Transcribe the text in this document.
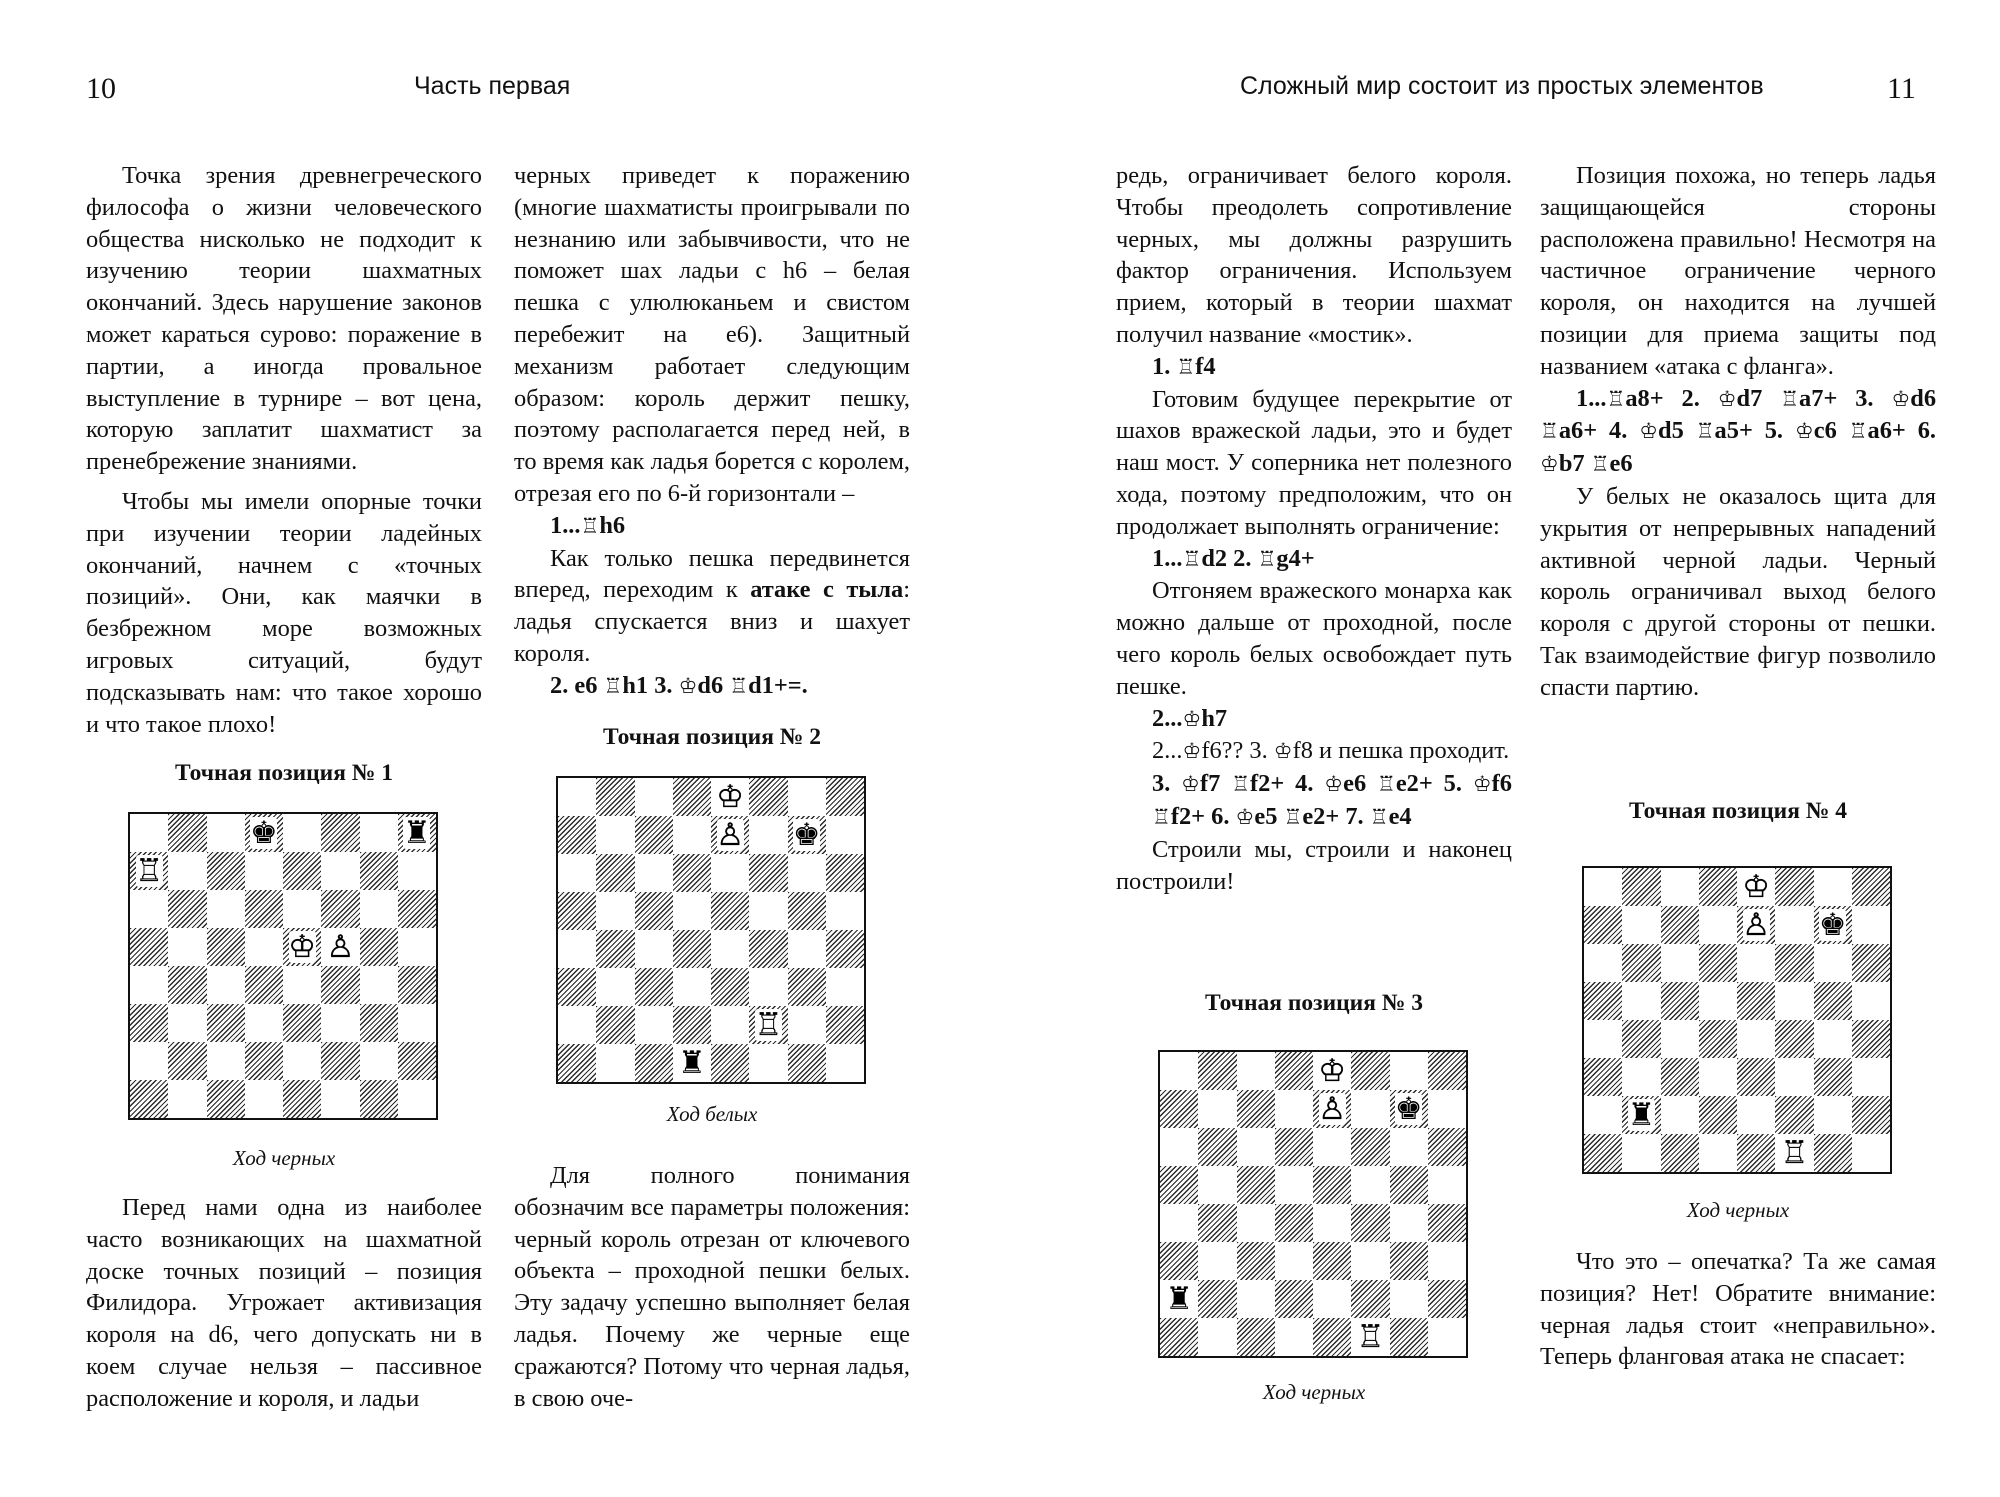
10	Часть первая	Сложный мир состоит из простых элементов	11

Точка зрения древнегреческого философа о жизни человеческого общества нисколько не подходит к изучению теории шахматных окончаний. Здесь нарушение законов может караться сурово: поражение в партии, а иногда провальное выступление в турнире – вот цена, которую заплатит шахматист за пренебрежение знаниями.

Чтобы мы имели опорные точки при изучении теории ладейных окончаний, начнем с «точных позиций». Они, как маячки в безбрежном море возможных игровых ситуаций, будут подсказывать нам: что такое хорошо и что такое плохо!

Точная позиция № 1
♚	♜
♖
♔ ♙
Ход черных

Перед нами одна из наиболее часто возникающих на шахматной доске точных позиций – позиция Филидора. Угрожает активизация короля на d6, чего допускать ни в коем случае нельзя – пассивное расположение и короля, и ладьи

черных приведет к поражению (многие шахматисты проигрывали по незнанию или забывчивости, что не поможет шах ладьи с h6 – белая пешка с улюлюканьем и свистом перебежит на е6). Защитный механизм работает следующим образом: король держит пешку, поэтому располагается перед ней, в то время как ладья борется с королем, отрезая его по 6-й горизонтали –

1...♖h6

Как только пешка передвинется вперед, переходим к атаке с тыла: ладья спускается вниз и шахует короля.

2. е6 ♖h1 3. ♔d6 ♖d1+=.

Точная позиция № 2
♔
♙ ♚
♖
♜
Ход белых

Для полного понимания обозначим все параметры положения: черный король отрезан от ключевого объекта – проходной пешки белых. Эту задачу успешно выполняет белая ладья. Почему же черные еще сражаются? Потому что черная ладья, в свою оче-

редь, ограничивает белого короля. Чтобы преодолеть сопротивление черных, мы должны разрушить фактор ограничения. Используем прием, который в теории шахмат получил название «мостик».

1. ♖f4

Готовим будущее перекрытие от шахов вражеской ладьи, это и будет наш мост. У соперника нет полезного хода, поэтому предположим, что он продолжает выполнять ограничение:

1...♖d2 2. ♖g4+

Отгоняем вражеского монарха как можно дальше от проходной, после чего король белых освобождает путь пешке.

2...♔h7

2...♔f6?? 3. ♔f8 и пешка проходит.

3. ♔f7 ♖f2+ 4. ♔е6 ♖e2+ 5. ♔f6 ♖f2+ 6. ♔е5 ♖e2+ 7. ♖е4

Строили мы, строили и наконец построили!

Точная позиция № 3
♔
♙ ♚
♜
♖
Ход черных

Позиция похожа, но теперь ладья защищающейся стороны расположена правильно! Несмотря на частичное ограничение черного короля, он находится на лучшей позиции для приема защиты под названием «атака с фланга».

1...♖a8+ 2. ♔d7 ♖a7+ 3. ♔d6 ♖a6+ 4. ♔d5 ♖a5+ 5. ♔c6 ♖a6+ 6. ♔b7 ♖e6

У белых не оказалось щита для укрытия от непрерывных нападений активной черной ладьи. Черный король ограничивал выход белого короля с другой стороны от пешки. Так взаимодействие фигур позволило спасти партию.

Точная позиция № 4
♔
♙ ♚
♜
♖
Ход черных

Что это – опечатка? Та же самая позиция? Нет! Обратите внимание: черная ладья стоит «неправильно». Теперь фланговая атака не спасает:
